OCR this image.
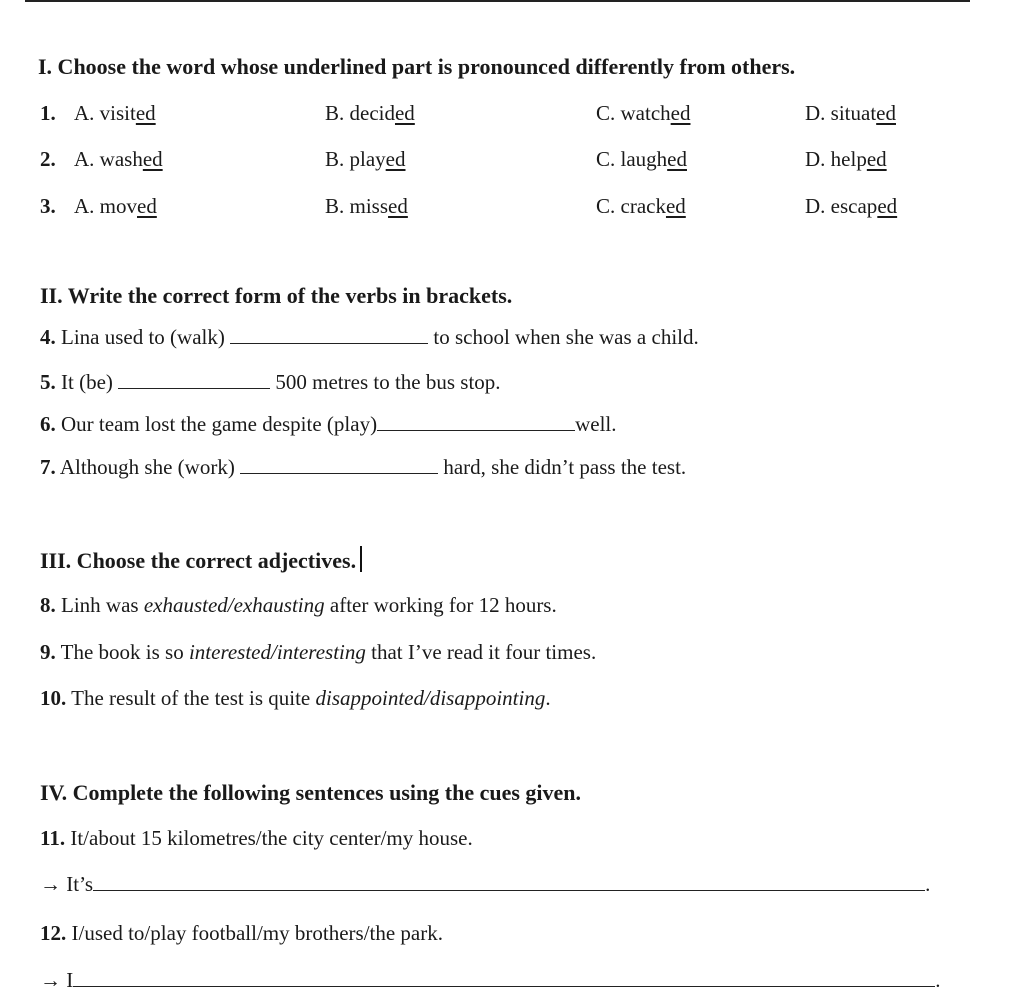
I. Choose the word whose underlined part is pronounced differently from others.
1. A. visited	B. decided	C. watched	D. situated
2. A. washed	B. played	C. laughed	D. helped
3. A. moved	B. missed	C. cracked	D. escaped
II. Write the correct form of the verbs in brackets.
4. Lina used to (walk)	to school when she was a child.
5. It (be)	500 metres to the bus stop.
6. Our team lost the game despite (play)	well.
7. Although she (work)	hard, she didn’t pass the test.
III. Choose the correct adjectives.
8. Linh was exhausted/exhausting after working for 12 hours.
9. The book is so interested/interesting that I’ve read it four times.
10. The result of the test is quite disappointed/disappointing.
IV. Complete the following sentences using the cues given.
11. It/about 15 kilometres/the city center/my house.
→ It’s	.
12. I/used to/play football/my brothers/the park.
→ I	.
